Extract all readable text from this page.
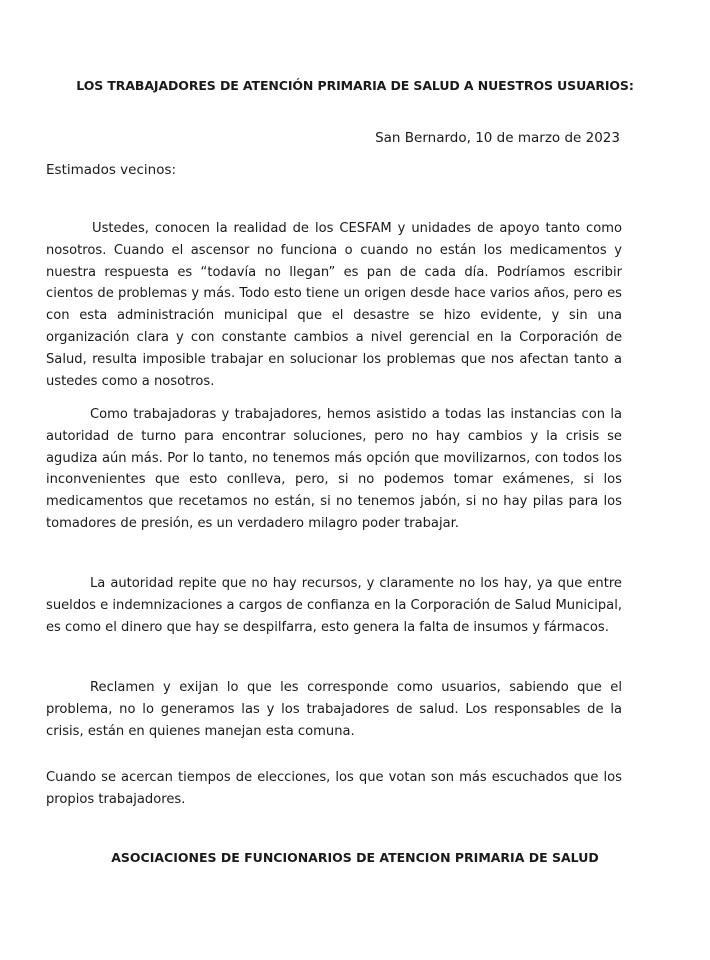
LOS TRABAJADORES DE ATENCIÓN PRIMARIA DE SALUD A NUESTROS USUARIOS:
San Bernardo, 10 de marzo de 2023
Estimados vecinos:

Ustedes, conocen la realidad de los CESFAM y unidades de apoyo tanto como nosotros. Cuando el ascensor no funciona o cuando no están los medicamentos y nuestra respuesta es “todavía no llegan” es pan de cada día. Podríamos escribir cientos de problemas y más. Todo esto tiene un origen desde hace varios años, pero es con esta administración municipal que el desastre se hizo evidente, y sin una organización clara y con constante cambios a nivel gerencial en la Corporación de Salud, resulta imposible trabajar en solucionar los problemas que nos afectan tanto a ustedes como a nosotros.

Como trabajadoras y trabajadores, hemos asistido a todas las instancias con la autoridad de turno para encontrar soluciones, pero no hay cambios y la crisis se agudiza aún más. Por lo tanto, no tenemos más opción que movilizarnos, con todos los inconvenientes que esto conlleva, pero, si no podemos tomar exámenes, si los medicamentos que recetamos no están, si no tenemos jabón, si no hay pilas para los tomadores de presión, es un verdadero milagro poder trabajar.

La autoridad repite que no hay recursos, y claramente no los hay, ya que entre sueldos e indemnizaciones a cargos de confianza en la Corporación de Salud Municipal, es como el dinero que hay se despilfarra, esto genera la falta de insumos y fármacos.

Reclamen y exijan lo que les corresponde como usuarios, sabiendo que el problema, no lo generamos las y los trabajadores de salud. Los responsables de la crisis, están en quienes manejan esta comuna.

Cuando se acercan tiempos de elecciones, los que votan son más escuchados que los propios trabajadores.

ASOCIACIONES DE FUNCIONARIOS DE ATENCION PRIMARIA DE SALUD
